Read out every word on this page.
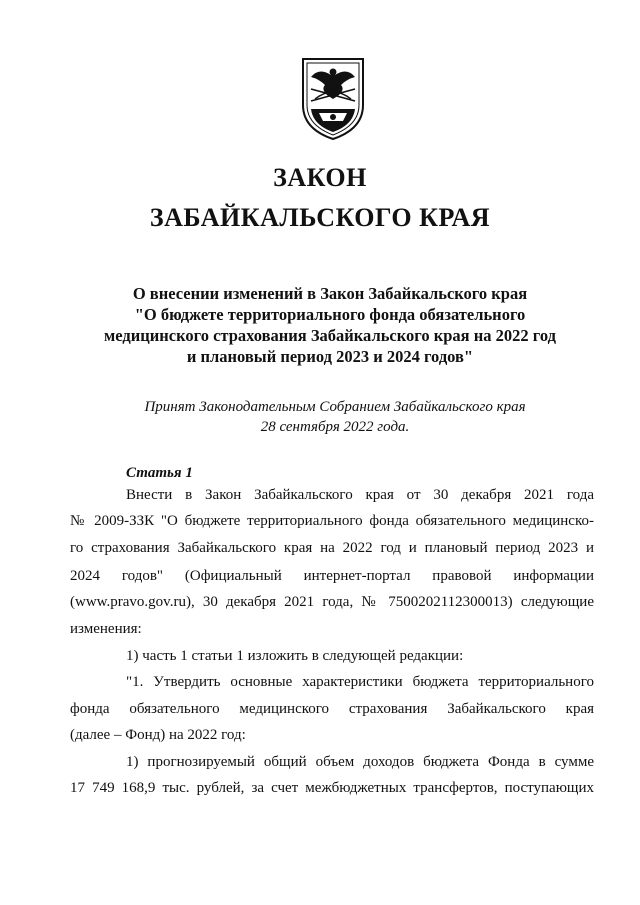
ЗАКОН
ЗАБАЙКАЛЬСКОГО КРАЯ
О внесении изменений в Закон Забайкальского края
"О бюджете территориального фонда обязательного
медицинского страхования Забайкальского края на 2022 год
и плановый период 2023 и 2024 годов"
Принят Законодательным Собранием Забайкальского края
28 сентября 2022 года.
Статья 1
Внести в Закон Забайкальского края от 30 декабря 2021 года
№ 2009-ЗЗК "О бюджете территориального фонда обязательного медицинско-
го страхования Забайкальского края на 2022 год и плановый период 2023 и
2024 годов" (Официальный интернет-портал правовой информации
(www.pravo.gov.ru), 30 декабря 2021 года, № 7500202112300013) следующие
изменения:
1) часть 1 статьи 1 изложить в следующей редакции:
"1. Утвердить основные характеристики бюджета территориального
фонда обязательного медицинского страхования Забайкальского края
(далее – Фонд) на 2022 год:
1) прогнозируемый общий объем доходов бюджета Фонда в сумме
17 749 168,9 тыс. рублей, за счет межбюджетных трансфертов, поступающих
